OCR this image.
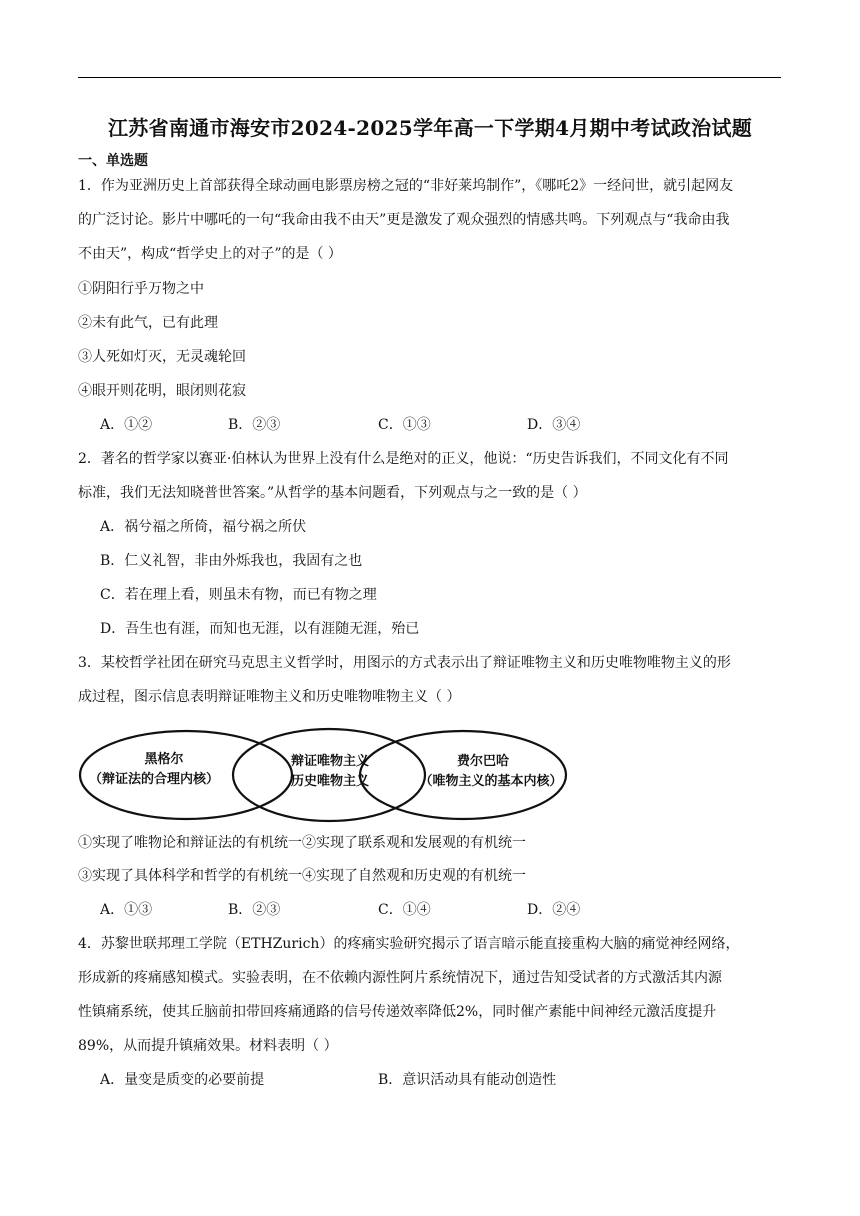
江苏省南通市海安市2024-2025学年高一下学期4月期中考试政治试题
一、单选题
1．作为亚洲历史上首部获得全球动画电影票房榜之冠的“非好莱坞制作”，《哪吒2》一经问世，就引起网友
的广泛讨论。影片中哪吒的一句“我命由我不由天”更是激发了观众强烈的情感共鸣。下列观点与“我命由我
不由天”，构成“哲学史上的对子”的是（ ）
①阴阳行乎万物之中
②未有此气，已有此理
③人死如灯灭，无灵魂轮回
④眼开则花明，眼闭则花寂
A．①②	B．②③	C．①③	D．③④
2．著名的哲学家以赛亚·伯林认为世界上没有什么是绝对的正义，他说：“历史告诉我们，不同文化有不同
标准，我们无法知晓普世答案。”从哲学的基本问题看，下列观点与之一致的是（ ）
A．祸兮福之所倚，福兮祸之所伏
B．仁义礼智，非由外烁我也，我固有之也
C．若在理上看，则虽未有物，而已有物之理
D．吾生也有涯，而知也无涯，以有涯随无涯，殆已
3．某校哲学社团在研究马克思主义哲学时，用图示的方式表示出了辩证唯物主义和历史唯物唯物主义的形
成过程，图示信息表明辩证唯物主义和历史唯物唯物主义（ ）
黑格尔
（辩证法的合理内核）
辩证唯物主义
历史唯物主义
费尔巴哈
（唯物主义的基本内核）
①实现了唯物论和辩证法的有机统一②实现了联系观和发展观的有机统一
③实现了具体科学和哲学的有机统一④实现了自然观和历史观的有机统一
A．①③	B．②③	C．①④	D．②④
4．苏黎世联邦理工学院（ETHZurich）的疼痛实验研究揭示了语言暗示能直接重构大脑的痛觉神经网络，
形成新的疼痛感知模式。实验表明，在不依赖内源性阿片系统情况下，通过告知受试者的方式激活其内源
性镇痛系统，使其丘脑前扣带回疼痛通路的信号传递效率降低2%，同时催产素能中间神经元激活度提升
89%，从而提升镇痛效果。材料表明（ ）
A．量变是质变的必要前提	B．意识活动具有能动创造性
